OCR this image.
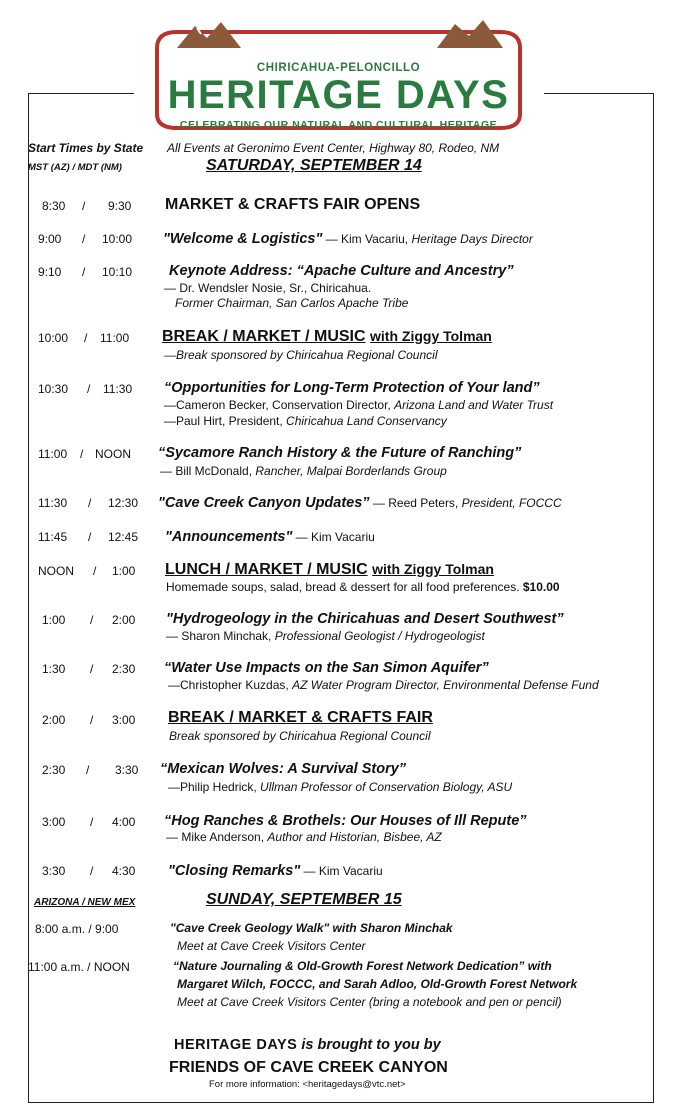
CHIRICAHUA-PELONCILLO
HERITAGE DAYS
CELEBRATING OUR NATURAL AND CULTURAL HERITAGE
Start Times by State All Events at Geronimo Event Center, Highway 80, Rodeo, NM
MST (AZ) / MDT (NM)	SATURDAY, SEPTEMBER 14
8:30 / 9:30 MARKET & CRAFTS FAIR OPENS
9:00 / 10:00 "Welcome & Logistics" — Kim Vacariu, Heritage Days Director
9:10 / 10:10	Keynote Address: “Apache Culture and Ancestry”
— Dr. Wendsler Nosie, Sr., Chiricahua.
Former Chairman, San Carlos Apache Tribe
10:00 / 11:00 BREAK / MARKET / MUSIC with Ziggy Tolman
—Break sponsored by Chiricahua Regional Council
10:30 / 11:30 “Opportunities for Long-Term Protection of Your land”
—Cameron Becker, Conservation Director, Arizona Land and Water Trust
—Paul Hirt, President, Chiricahua Land Conservancy
11:00 / NOON “Sycamore Ranch History & the Future of Ranching”
— Bill McDonald, Rancher, Malpai Borderlands Group
11:30 / 12:30 "Cave Creek Canyon Updates” — Reed Peters, President, FOCCC
11:45 / 12:45 "Announcements" — Kim Vacariu
NOON / 1:00 LUNCH / MARKET / MUSIC with Ziggy Tolman
Homemade soups, salad, bread & dessert for all food preferences. $10.00
1:00 / 2:00 "Hydrogeology in the Chiricahuas and Desert Southwest”
— Sharon Minchak, Professional Geologist / Hydrogeologist
1:30 / 2:30 “Water Use Impacts on the San Simon Aquifer”
—Christopher Kuzdas, AZ Water Program Director, Environmental Defense Fund
2:00 / 3:00 BREAK / MARKET & CRAFTS FAIR
Break sponsored by Chiricahua Regional Council
2:30 / 3:30 “Mexican Wolves: A Survival Story”
—Philip Hedrick, Ullman Professor of Conservation Biology, ASU
3:00 / 4:00 “Hog Ranches & Brothels: Our Houses of Ill Repute”
— Mike Anderson, Author and Historian, Bisbee, AZ
3:30 / 4:30 "Closing Remarks" — Kim Vacariu
ARIZONA / NEW MEX	SUNDAY, SEPTEMBER 15
8:00 a.m. / 9:00	"Cave Creek Geology Walk" with Sharon Minchak
Meet at Cave Creek Visitors Center
11:00 a.m. / NOON	“Nature Journaling & Old-Growth Forest Network Dedication” with
Margaret Wilch, FOCCC, and Sarah Adloo, Old-Growth Forest Network
Meet at Cave Creek Visitors Center (bring a notebook and pen or pencil)
HERITAGE DAYS is brought to you by
FRIENDS OF CAVE CREEK CANYON
For more information: <heritagedays@vtc.net>
